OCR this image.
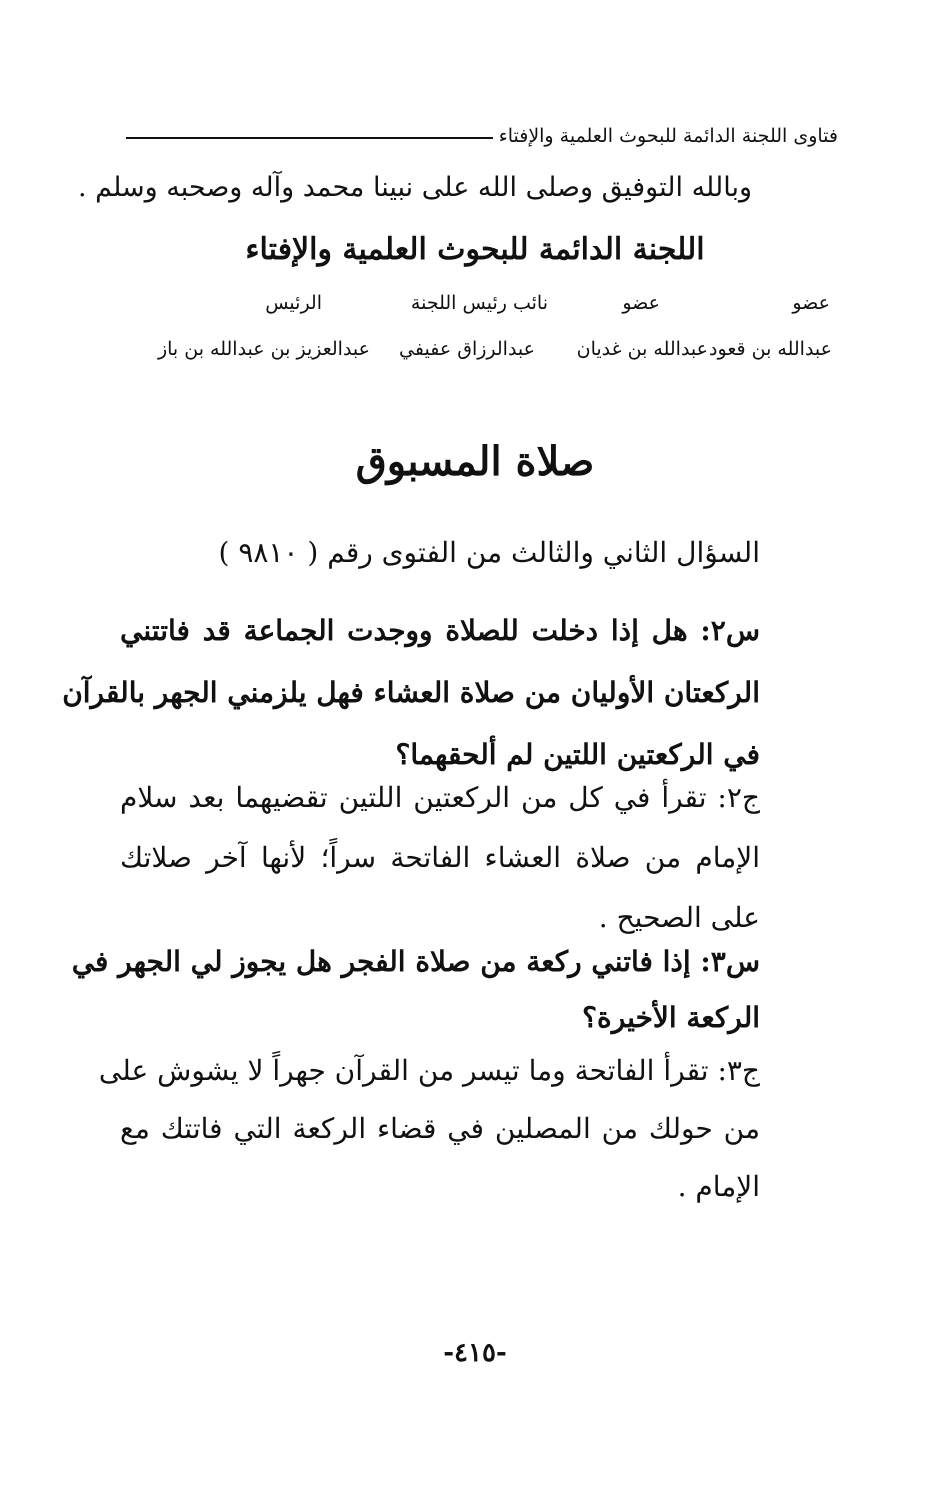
فتاوى اللجنة الدائمة للبحوث العلمية والإفتاء
وبالله التوفيق وصلى الله على نبينا محمد وآله وصحبه وسلم .
اللجنة الدائمة للبحوث العلمية والإفتاء
عضو
عضو
نائب رئيس اللجنة
الرئيس
عبدالله بن قعود
عبدالله بن غديان
عبدالرزاق عفيفي
عبدالعزيز بن عبدالله بن باز
صلاة المسبوق
السؤال الثاني والثالث من الفتوى رقم ( ٩٨١٠ )
س٢: هل إذا دخلت للصلاة ووجدت الجماعة قد فاتتني
الركعتان الأوليان من صلاة العشاء فهل يلزمني الجهر بالقرآن
في الركعتين اللتين لم ألحقهما؟
ج٢: تقرأ في كل من الركعتين اللتين تقضيهما بعد سلام
الإمام من صلاة العشاء الفاتحة سراً؛ لأنها آخر صلاتك
على الصحيح .
س٣: إذا فاتني ركعة من صلاة الفجر هل يجوز لي الجهر في
الركعة الأخيرة؟
ج٣: تقرأ الفاتحة وما تيسر من القرآن جهراً لا يشوش على
من حولك من المصلين في قضاء الركعة التي فاتتك مع
الإمام .
-٤١٥-
